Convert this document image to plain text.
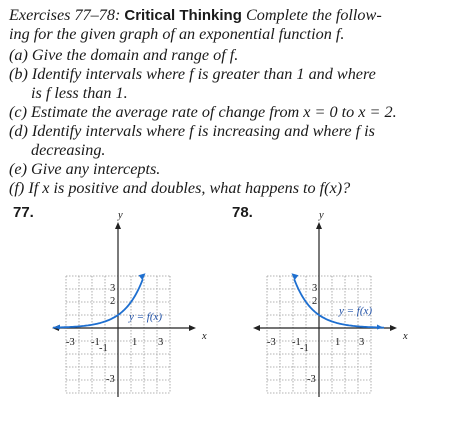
Exercises 77–78: Critical Thinking Complete the follow-
ing for the given graph of an exponential function f.
(a) Give the domain and range of f.
(b) Identify intervals where f is greater than 1 and where
is f less than 1.
(c) Estimate the average rate of change from x = 0 to x = 2.
(d) Identify intervals where f is increasing and where f is
decreasing.
(e) Give any intercepts.
(f) If x is positive and doubles, what happens to f(x)?
77.	78.
y
x
y = f(x)
-3 -1	1 3
3
2
-1
-3
y
x
y = f(x)
-3 -1	1 3
3
2
-1
-3
